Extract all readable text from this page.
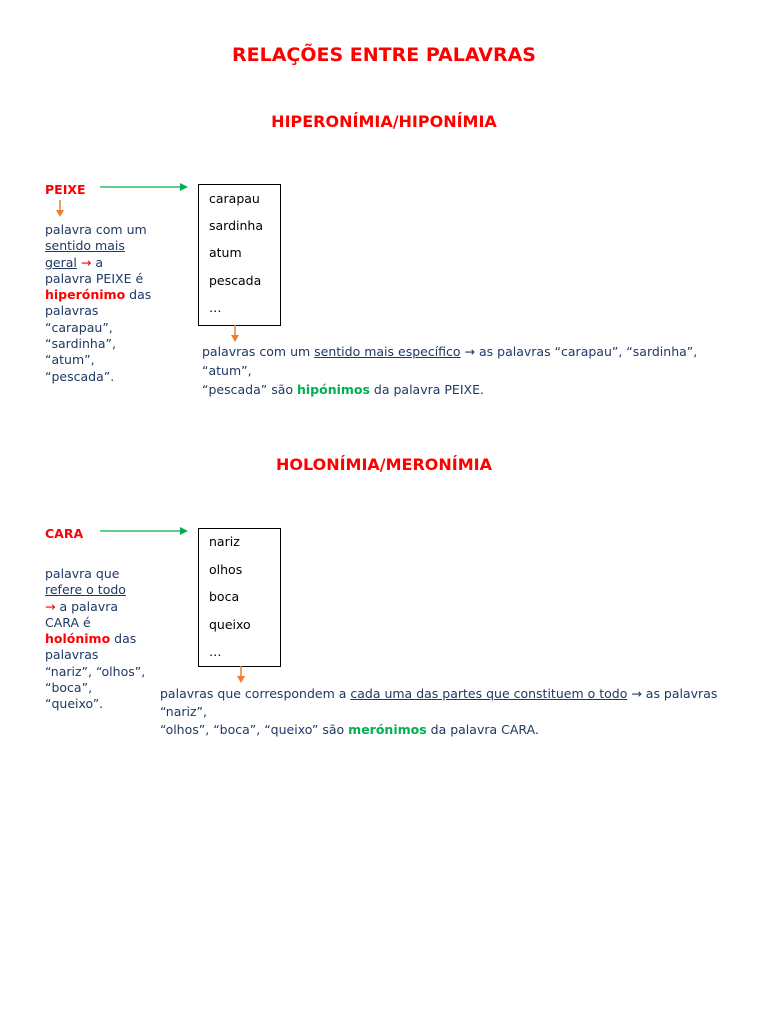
RELAÇÕES ENTRE PALAVRAS
HIPERONÍMIA/HIPONÍMIA
PEIXE
palavra com um
sentido mais
geral → a
palavra PEIXE é
hiperónimo das
palavras
“carapau”,
“sardinha”,
“atum”,
“pescada”.
carapau
sardinha
atum
pescada
…
palavras com um sentido mais específico → as palavras “carapau”, “sardinha”, “atum”,
“pescada” são hipónimos da palavra PEIXE.
HOLONÍMIA/MERONÍMIA
CARA
palavra que
refere o todo
→ a palavra
CARA é
holónimo das
palavras
“nariz”, “olhos”,
“boca”,
“queixo”.
nariz
olhos
boca
queixo
…
palavras que correspondem a cada uma das partes que constituem o todo → as palavras “nariz”,
“olhos”, “boca”, “queixo” são merónimos da palavra CARA.
